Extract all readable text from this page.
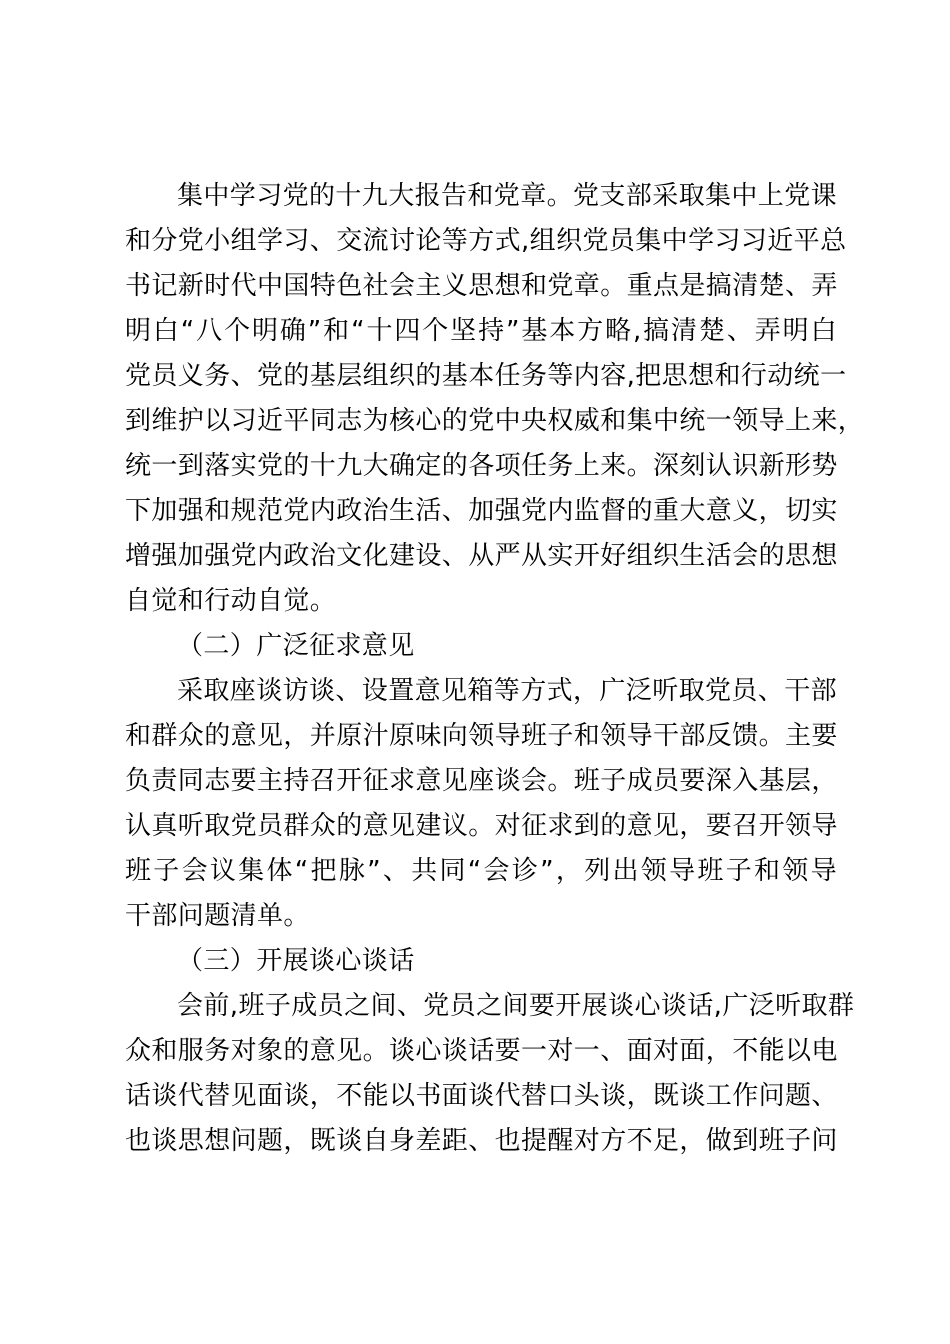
集中学习党的十九大报告和党章。党支部采取集中上党课
和分党小组学习、交流讨论等方式,组织党员集中学习习近平总
书记新时代中国特色社会主义思想和党章。重点是搞清楚、弄
明白“八个明确”和“十四个坚持”基本方略,搞清楚、弄明白
党员义务、党的基层组织的基本任务等内容,把思想和行动统一
到维护以习近平同志为核心的党中央权威和集中统一领导上来，
统一到落实党的十九大确定的各项任务上来。深刻认识新形势
下加强和规范党内政治生活、加强党内监督的重大意义，切实
增强加强党内政治文化建设、从严从实开好组织生活会的思想
自觉和行动自觉。
（二）广泛征求意见
采取座谈访谈、设置意见箱等方式，广泛听取党员、干部
和群众的意见，并原汁原味向领导班子和领导干部反馈。主要
负责同志要主持召开征求意见座谈会。班子成员要深入基层，
认真听取党员群众的意见建议。对征求到的意见，要召开领导
班子会议集体“把脉”、共同“会诊”，列出领导班子和领导
干部问题清单。
（三）开展谈心谈话
会前,班子成员之间、党员之间要开展谈心谈话,广泛听取群
众和服务对象的意见。谈心谈话要一对一、面对面，不能以电
话谈代替见面谈，不能以书面谈代替口头谈，既谈工作问题、
也谈思想问题，既谈自身差距、也提醒对方不足，做到班子问
